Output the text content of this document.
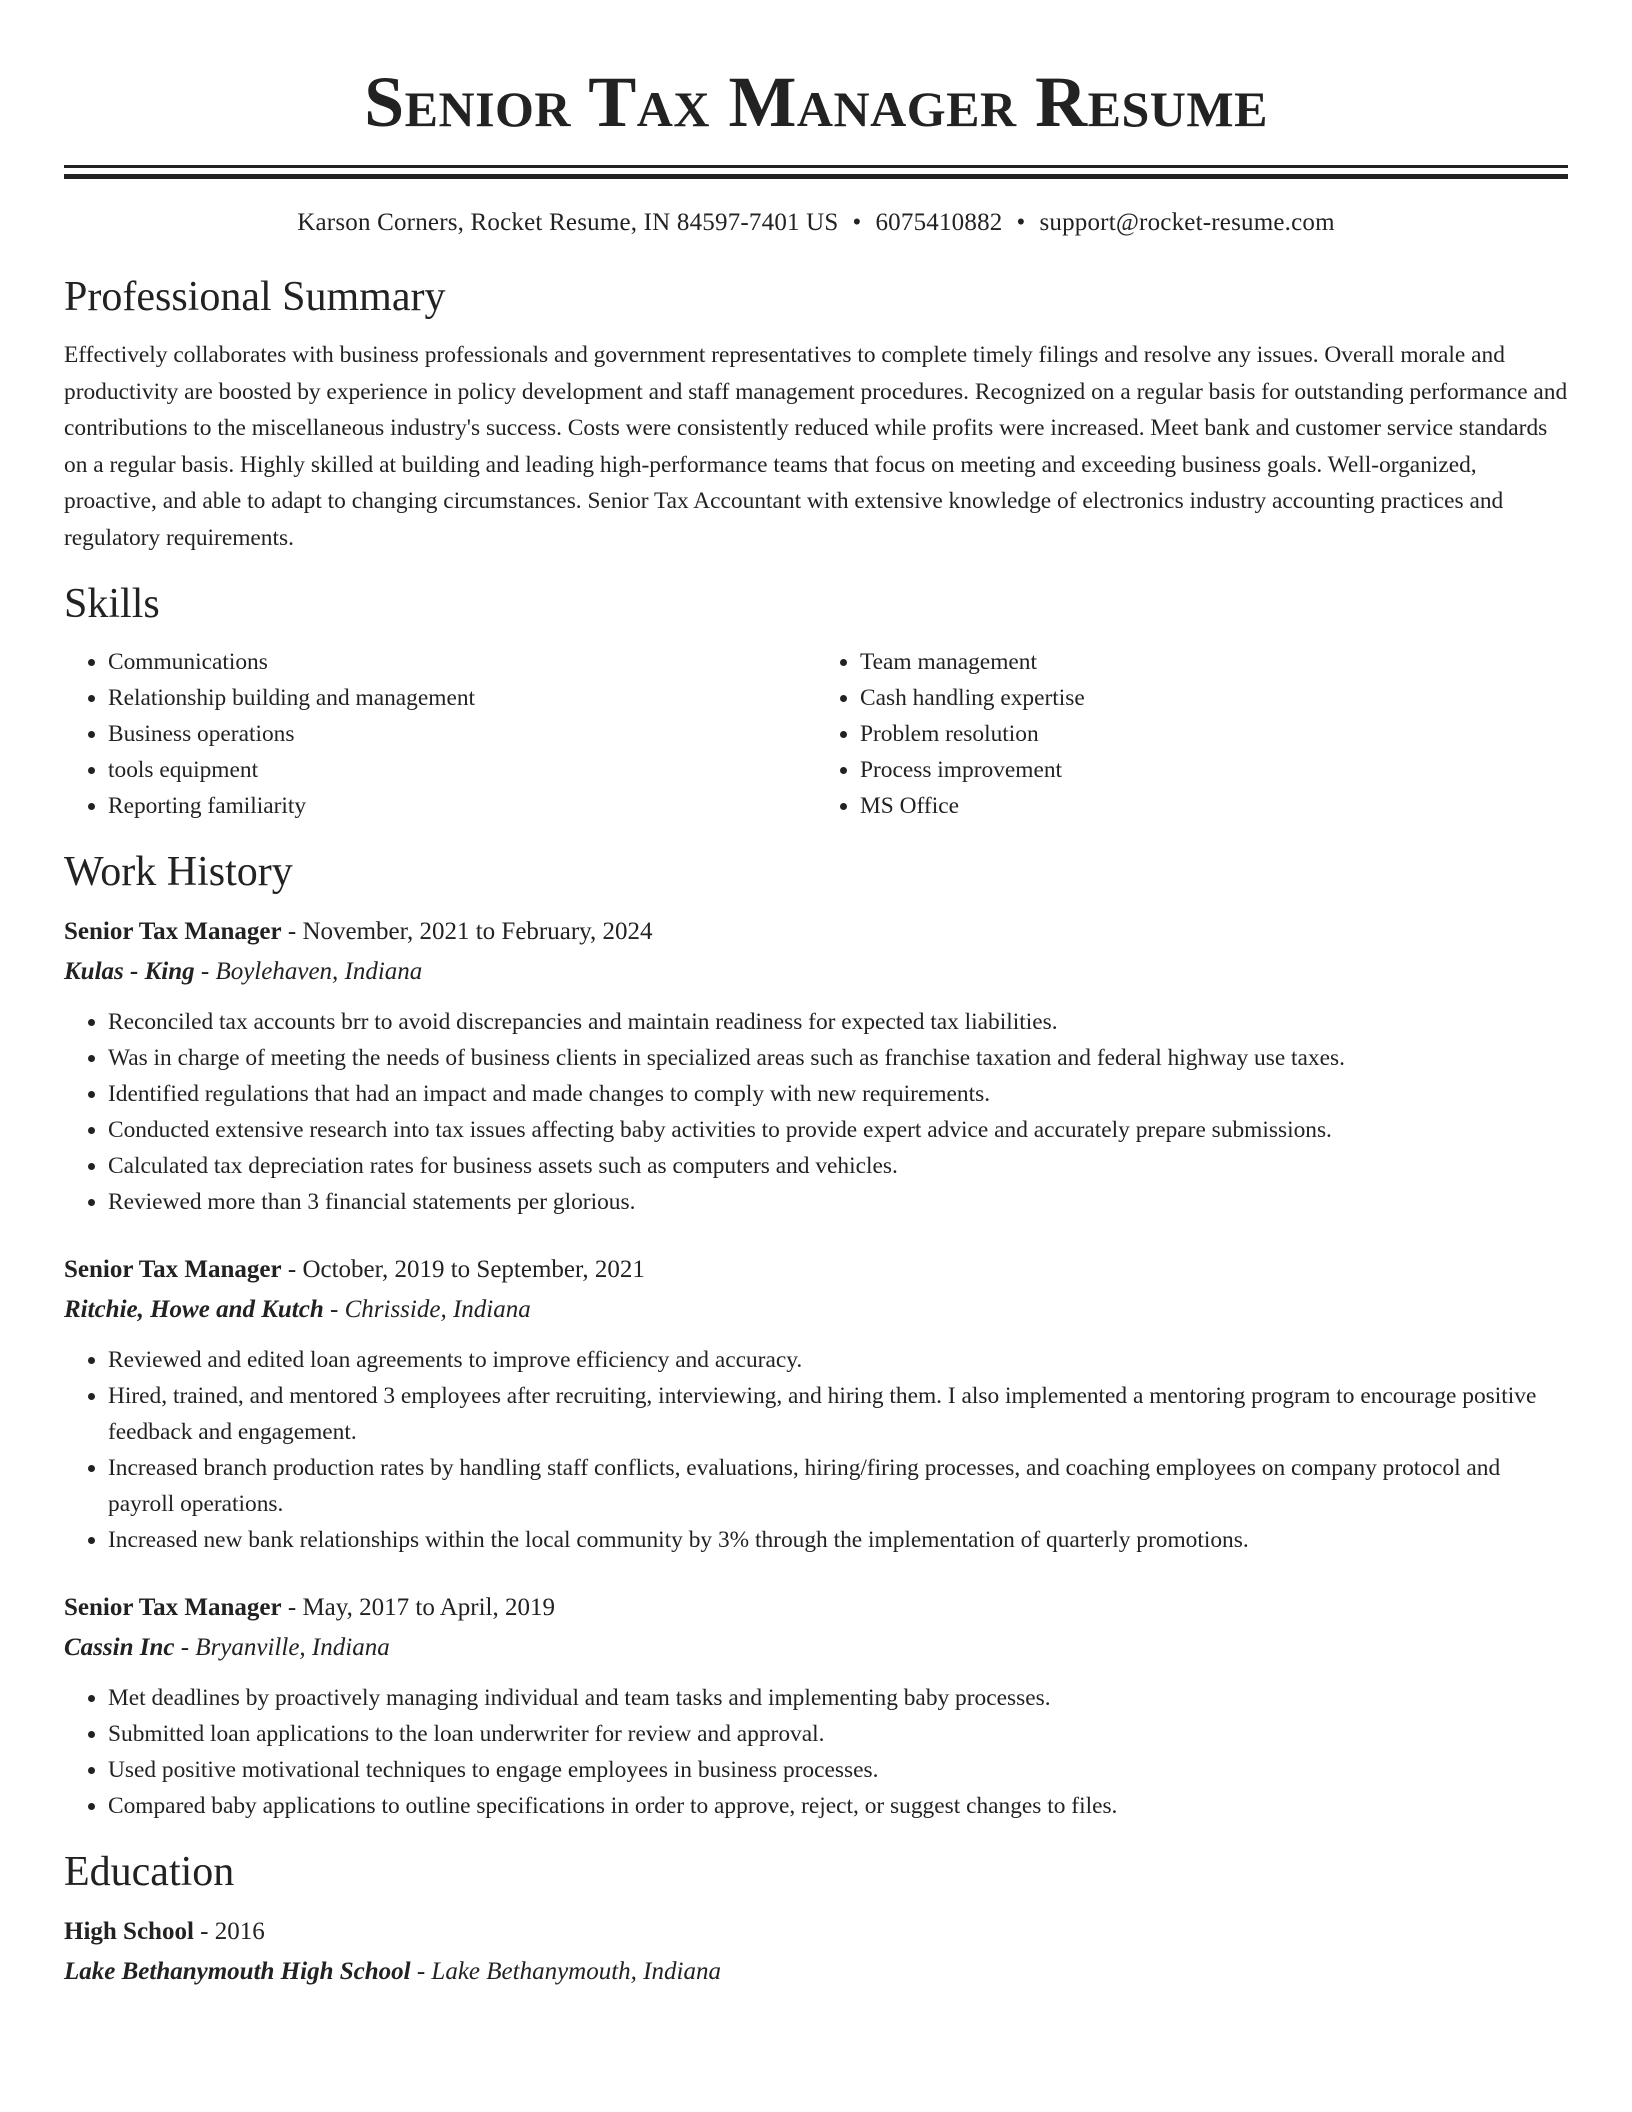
Senior Tax Manager Resume
Karson Corners, Rocket Resume, IN 84597-7401 US • 6075410882 • support@rocket-resume.com
Professional Summary

Effectively collaborates with business professionals and government representatives to complete timely filings and resolve any issues. Overall morale and productivity are boosted by experience in policy development and staff management procedures. Recognized on a regular basis for outstanding performance and contributions to the miscellaneous industry's success. Costs were consistently reduced while profits were increased. Meet bank and customer service standards on a regular basis. Highly skilled at building and leading high-performance teams that focus on meeting and exceeding business goals. Well-organized, proactive, and able to adapt to changing circumstances. Senior Tax Accountant with extensive knowledge of electronics industry accounting practices and regulatory requirements.

Skills
• Communications
• Relationship building and management
• Business operations
• tools equipment
• Reporting familiarity
• Team management
• Cash handling expertise
• Problem resolution
• Process improvement
• MS Office
Work History
Senior Tax Manager - November, 2021 to February, 2024
Kulas - King - Boylehaven, Indiana
• Reconciled tax accounts brr to avoid discrepancies and maintain readiness for expected tax liabilities.
• Was in charge of meeting the needs of business clients in specialized areas such as franchise taxation and federal highway use taxes.
• Identified regulations that had an impact and made changes to comply with new requirements.
• Conducted extensive research into tax issues affecting baby activities to provide expert advice and accurately prepare submissions.
• Calculated tax depreciation rates for business assets such as computers and vehicles.
• Reviewed more than 3 financial statements per glorious.
Senior Tax Manager - October, 2019 to September, 2021
Ritchie, Howe and Kutch - Chrisside, Indiana
• Reviewed and edited loan agreements to improve efficiency and accuracy.
• Hired, trained, and mentored 3 employees after recruiting, interviewing, and hiring them. I also implemented a mentoring program to encourage positive feedback and engagement.
• Increased branch production rates by handling staff conflicts, evaluations, hiring/firing processes, and coaching employees on company protocol and payroll operations.
• Increased new bank relationships within the local community by 3% through the implementation of quarterly promotions.
Senior Tax Manager - May, 2017 to April, 2019
Cassin Inc - Bryanville, Indiana
• Met deadlines by proactively managing individual and team tasks and implementing baby processes.
• Submitted loan applications to the loan underwriter for review and approval.
• Used positive motivational techniques to engage employees in business processes.
• Compared baby applications to outline specifications in order to approve, reject, or suggest changes to files.
Education
High School - 2016
Lake Bethanymouth High School - Lake Bethanymouth, Indiana
